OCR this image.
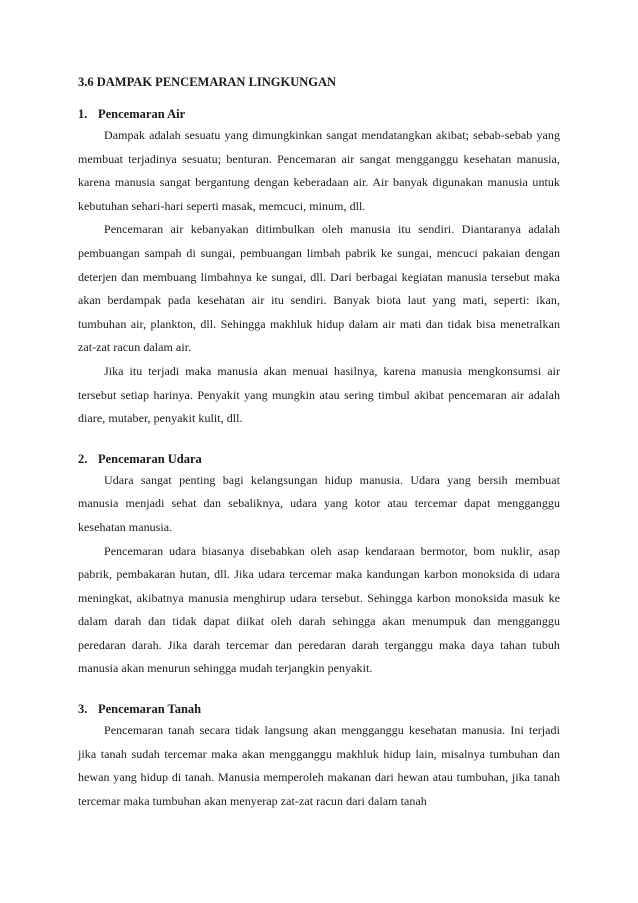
3.6 DAMPAK PENCEMARAN LINGKUNGAN
1. Pencemaran Air

Dampak adalah sesuatu yang dimungkinkan sangat mendatangkan akibat; sebab-sebab yang membuat terjadinya sesuatu; benturan. Pencemaran air sangat mengganggu kesehatan manusia, karena manusia sangat bergantung dengan keberadaan air. Air banyak digunakan manusia untuk kebutuhan sehari-hari seperti masak, memcuci, minum, dll.

Pencemaran air kebanyakan ditimbulkan oleh manusia itu sendiri. Diantaranya adalah pembuangan sampah di sungai, pembuangan limbah pabrik ke sungai, mencuci pakaian dengan deterjen dan membuang limbahnya ke sungai, dll. Dari berbagai kegiatan manusia tersebut maka akan berdampak pada kesehatan air itu sendiri. Banyak biota laut yang mati, seperti: ikan, tumbuhan air, plankton, dll. Sehingga makhluk hidup dalam air mati dan tidak bisa menetralkan zat-zat racun dalam air.

Jika itu terjadi maka manusia akan menuai hasilnya, karena manusia mengkonsumsi air tersebut setiap harinya. Penyakit yang mungkin atau sering timbul akibat pencemaran air adalah diare, mutaber, penyakit kulit, dll.

2. Pencemaran Udara

Udara sangat penting bagi kelangsungan hidup manusia. Udara yang bersih membuat manusia menjadi sehat dan sebaliknya, udara yang kotor atau tercemar dapat mengganggu kesehatan manusia.

Pencemaran udara biasanya disebabkan oleh asap kendaraan bermotor, bom nuklir, asap pabrik, pembakaran hutan, dll. Jika udara tercemar maka kandungan karbon monoksida di udara meningkat, akibatnya manusia menghirup udara tersebut. Sehingga karbon monoksida masuk ke dalam darah dan tidak dapat diikat oleh darah sehingga akan menumpuk dan mengganggu peredaran darah. Jika darah tercemar dan peredaran darah terganggu maka daya tahan tubuh manusia akan menurun sehingga mudah terjangkin penyakit.

3. Pencemaran Tanah

Pencemaran tanah secara tidak langsung akan mengganggu kesehatan manusia. Ini terjadi jika tanah sudah tercemar maka akan mengganggu makhluk hidup lain, misalnya tumbuhan dan hewan yang hidup di tanah. Manusia memperoleh makanan dari hewan atau tumbuhan, jika tanah tercemar maka tumbuhan akan menyerap zat-zat racun dari dalam tanah
